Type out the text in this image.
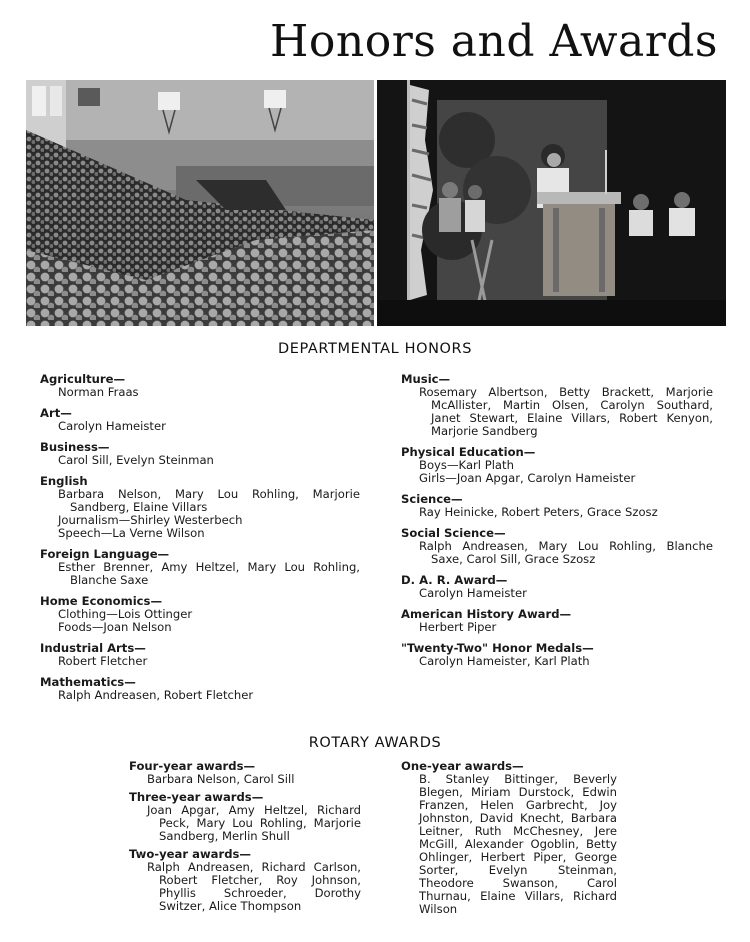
Honors and Awards
DEPARTMENTAL HONORS
Agriculture—
Norman Fraas
Art—
Carolyn Hameister
Business—
Carol Sill, Evelyn Steinman
English
Barbara Nelson, Mary Lou Rohling, Marjorie Sandberg, Elaine Villars
Journalism—Shirley Westerbech
Speech—La Verne Wilson
Foreign Language—
Esther Brenner, Amy Heltzel, Mary Lou Rohling, Blanche Saxe
Home Economics—
Clothing—Lois Ottinger
Foods—Joan Nelson
Industrial Arts—
Robert Fletcher
Mathematics—
Ralph Andreasen, Robert Fletcher
Music—
Rosemary Albertson, Betty Brackett, Marjorie McAllister, Martin Olsen, Carolyn Southard, Janet Stewart, Elaine Villars, Robert Kenyon, Marjorie Sandberg
Physical Education—
Boys—Karl Plath
Girls—Joan Apgar, Carolyn Hameister
Science—
Ray Heinicke, Robert Peters, Grace Szosz
Social Science—
Ralph Andreasen, Mary Lou Rohling, Blanche Saxe, Carol Sill, Grace Szosz
D. A. R. Award—
Carolyn Hameister
American History Award—
Herbert Piper
"Twenty-Two" Honor Medals—
Carolyn Hameister, Karl Plath
ROTARY AWARDS
Four-year awards—
Barbara Nelson, Carol Sill
Three-year awards—
Joan Apgar, Amy Heltzel, Richard Peck, Mary Lou Rohling, Marjorie Sandberg, Merlin Shull
Two-year awards—
Ralph Andreasen, Richard Carlson, Robert Fletcher, Roy Johnson, Phyllis Schroeder, Dorothy Switzer, Alice Thompson
One-year awards—
B. Stanley Bittinger, Beverly Blegen, Miriam Durstock, Edwin Franzen, Helen Garbrecht, Joy Johnston, David Knecht, Barbara Leitner, Ruth McChesney, Jere McGill, Alexander Ogoblin, Betty Ohlinger, Herbert Piper, George Sorter, Evelyn Steinman, Theodore Swanson, Carol Thurnau, Elaine Villars, Richard Wilson
